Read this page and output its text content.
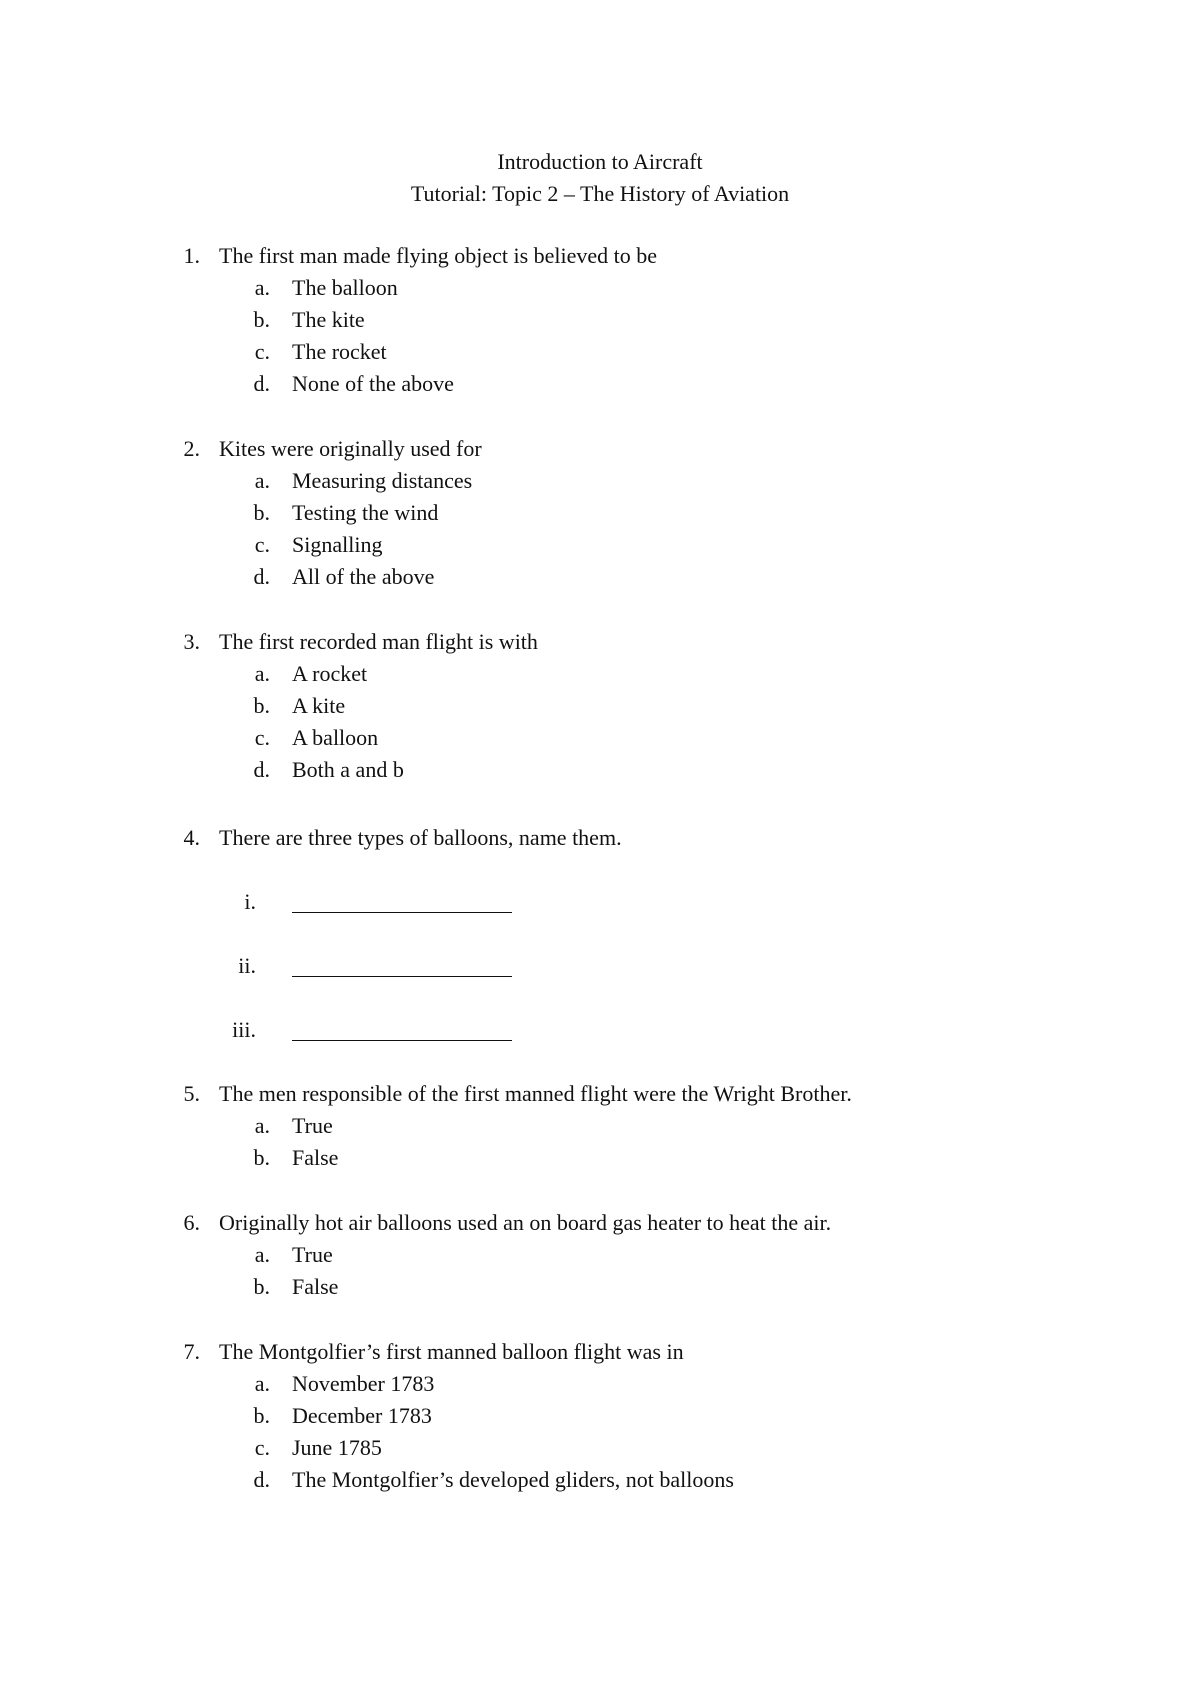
Introduction to Aircraft
Tutorial: Topic 2 – The History of Aviation
1. The first man made flying object is believed to be
a. The balloon
b. The kite
c. The rocket
d. None of the above
2. Kites were originally used for
a. Measuring distances
b. Testing the wind
c. Signalling
d. All of the above
3. The first recorded man flight is with
a. A rocket
b. A kite
c. A balloon
d. Both a and b
4. There are three types of balloons, name them.
i.
ii.
iii.
5. The men responsible of the first manned flight were the Wright Brother.
a. True
b. False
6. Originally hot air balloons used an on board gas heater to heat the air.
a. True
b. False
7. The Montgolfier’s first manned balloon flight was in
a. November 1783
b. December 1783
c. June 1785
d. The Montgolfier’s developed gliders, not balloons
